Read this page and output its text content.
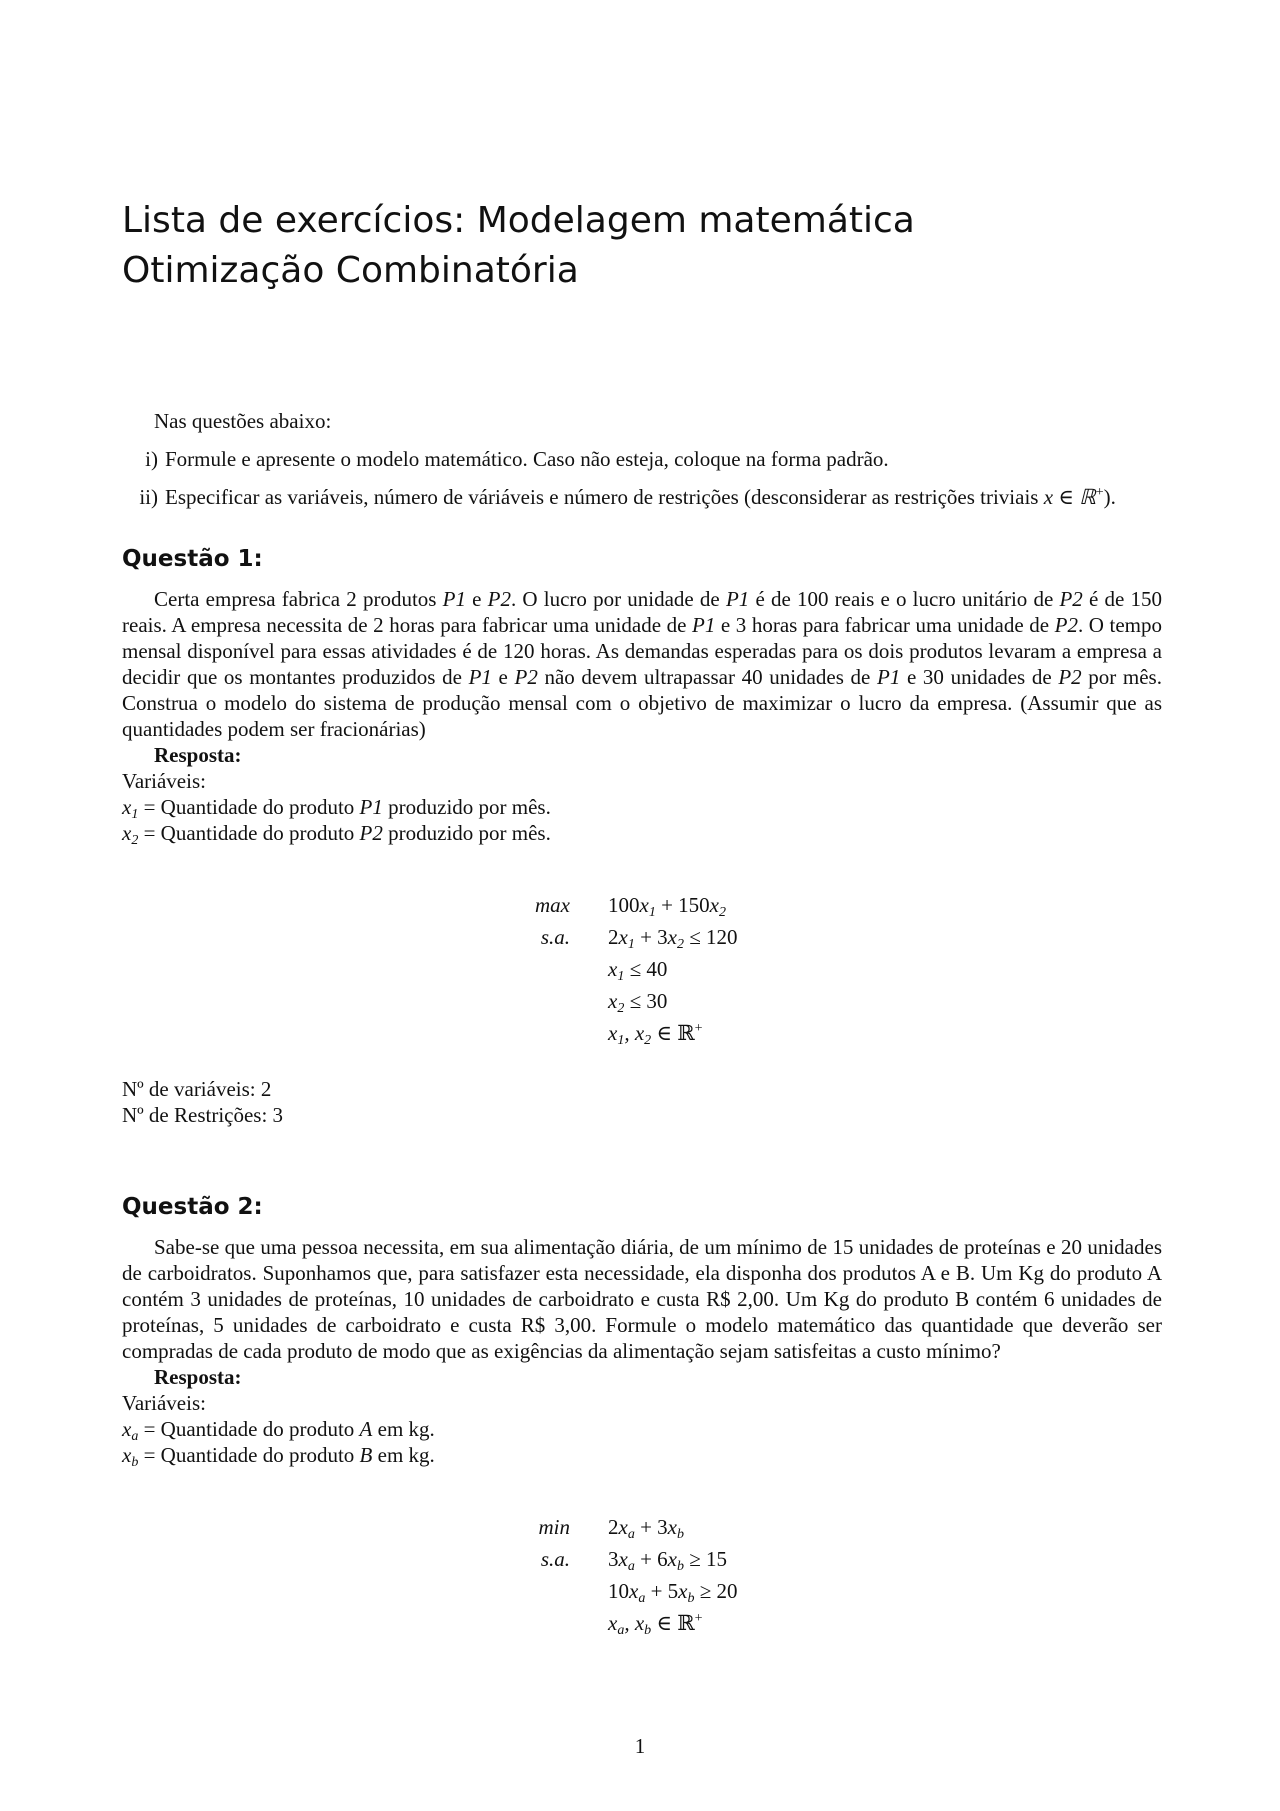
Lista de exercícios: Modelagem matemática
Otimização Combinatória

Nas questões abaixo:

i) Formule e apresente o modelo matemático. Caso não esteja, coloque na forma padrão.
ii) Especificar as variáveis, número de váriáveis e número de restrições (desconsiderar as restrições triviais x ∈ ℝ+).
Questão 1:

Certa empresa fabrica 2 produtos P1 e P2. O lucro por unidade de P1 é de 100 reais e o lucro unitário de P2 é de 150 reais. A empresa necessita de 2 horas para fabricar uma unidade de P1 e 3 horas para fabricar uma unidade de P2. O tempo mensal disponível para essas atividades é de 120 horas. As demandas esperadas para os dois produtos levaram a empresa a decidir que os montantes produzidos de P1 e P2 não devem ultrapassar 40 unidades de P1 e 30 unidades de P2 por mês. Construa o modelo do sistema de produção mensal com o objetivo de maximizar o lucro da empresa. (Assumir que as quantidades podem ser fracionárias)

Resposta:

Variáveis:

$x_1$ = Quantidade do produto P1 produzido por mês.

$x_2$ = Quantidade do produto P2 produzido por mês.

$\max 100x_1 + 150x_2$
s.a. $2x_1 + 3x_2 \le 120$
$x_1 \le 40$
$x_2 \le 30$
$x_1$, $x_2$ ∈ ℝ+

Nº de variáveis: 2

Nº de Restrições: 3

Questão 2:

Sabe-se que uma pessoa necessita, em sua alimentação diária, de um mínimo de 15 unidades de proteínas e 20 unidades de carboidratos. Suponhamos que, para satisfazer esta necessidade, ela disponha dos produtos A e B. Um Kg do produto A contém 3 unidades de proteínas, 10 unidades de carboidrato e custa R$ 2,00. Um Kg do produto B contém 6 unidades de proteínas, 5 unidades de carboidrato e custa R$ 3,00. Formule o modelo matemático das quantidade que deverão ser compradas de cada produto de modo que as exigências da alimentação sejam satisfeitas a custo mínimo?

Resposta:

Variáveis:

$x_a$ = Quantidade do produto A em kg.

$x_b$ = Quantidade do produto B em kg.

$\min 2x_a + 3x_b$
s.a. $3x_a + 6x_b \ge 15$
$10x_a + 5x_b \ge 20$
$x_a$, $x_b$ ∈ ℝ+
1
